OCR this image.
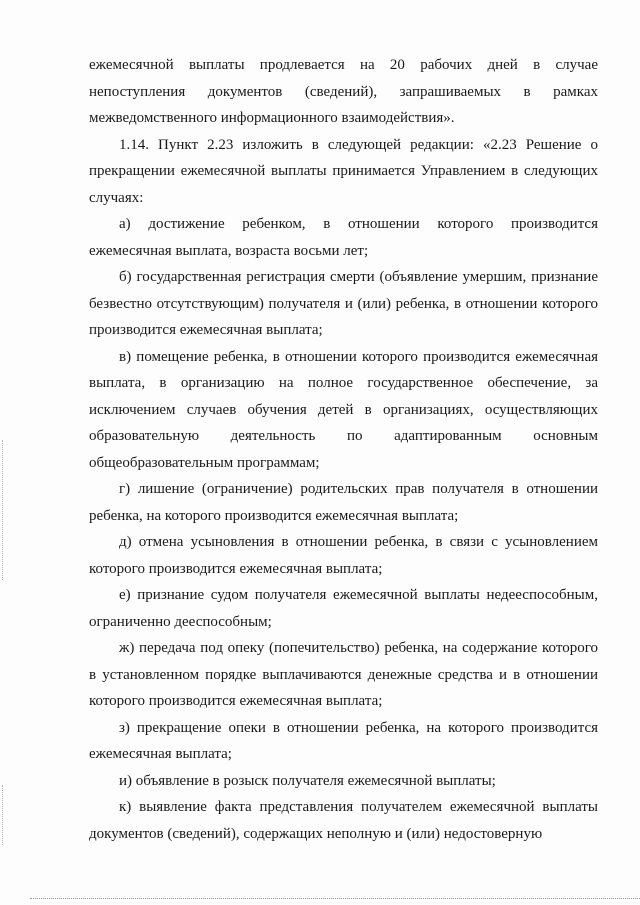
ежемесячной выплаты продлевается на 20 рабочих дней в случае непоступления документов (сведений), запрашиваемых в рамках межведомственного информационного взаимодействия».

1.14. Пункт 2.23 изложить в следующей редакции: «2.23 Решение о прекращении ежемесячной выплаты принимается Управлением в следующих случаях:

а) достижение ребенком, в отношении которого производится ежемесячная выплата, возраста восьми лет;

б) государственная регистрация смерти (объявление умершим, признание безвестно отсутствующим) получателя и (или) ребенка, в отношении которого производится ежемесячная выплата;

в) помещение ребенка, в отношении которого производится ежемесячная выплата, в организацию на полное государственное обеспечение, за исключением случаев обучения детей в организациях, осуществляющих образовательную деятельность по адаптированным основным общеобразовательным программам;

г) лишение (ограничение) родительских прав получателя в отношении ребенка, на которого производится ежемесячная выплата;

д) отмена усыновления в отношении ребенка, в связи с усыновлением которого производится ежемесячная выплата;

е) признание судом получателя ежемесячной выплаты недееспособным, ограниченно дееспособным;

ж) передача под опеку (попечительство) ребенка, на содержание которого в установленном порядке выплачиваются денежные средства и в отношении которого производится ежемесячная выплата;

з) прекращение опеки в отношении ребенка, на которого производится ежемесячная выплата;

и) объявление в розыск получателя ежемесячной выплаты;

к) выявление факта представления получателем ежемесячной выплаты документов (сведений), содержащих неполную и (или) недостоверную
